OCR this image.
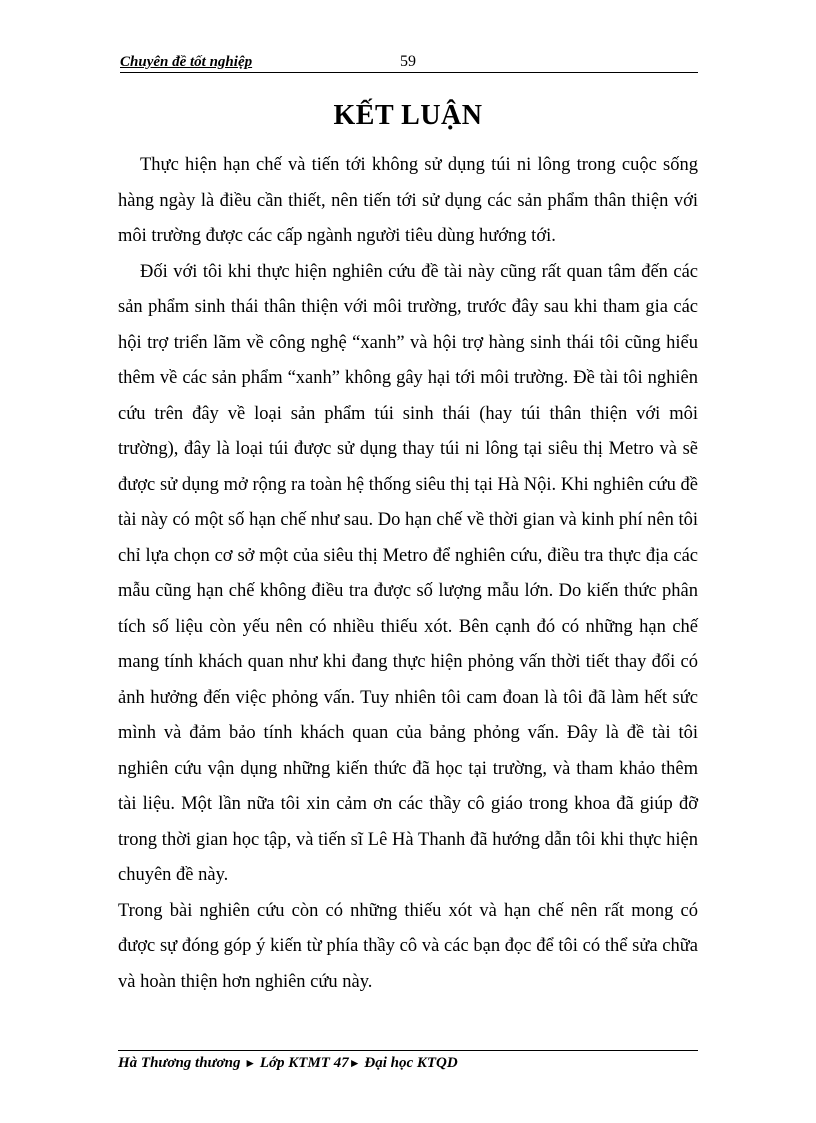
Chuyên đề tốt nghiệp	59
KẾT LUẬN

Thực hiện hạn chế và tiến tới không sử dụng túi ni lông trong cuộc sống hàng ngày là điều cần thiết, nên tiến tới sử dụng các sản phẩm thân thiện với môi trường được các cấp ngành người tiêu dùng hướng tới.

Đối với tôi khi thực hiện nghiên cứu đề tài này cũng rất quan tâm đến các sản phẩm sinh thái thân thiện với môi trường, trước đây sau khi tham gia các hội trợ triển lãm về công nghệ “xanh” và hội trợ hàng sinh thái tôi cũng hiểu thêm về các sản phẩm “xanh” không gây hại tới môi trường. Đề tài tôi nghiên cứu trên đây về loại sản phẩm túi sinh thái (hay túi thân thiện với môi trường), đây là loại túi được sử dụng thay túi ni lông tại siêu thị Metro và sẽ được sử dụng mở rộng ra toàn hệ thống siêu thị tại Hà Nội. Khi nghiên cứu đề tài này có một số hạn chế như sau. Do hạn chế về thời gian và kinh phí nên tôi chỉ lựa chọn cơ sở một của siêu thị Metro để nghiên cứu, điều tra thực địa các mẫu cũng hạn chế không điều tra được số lượng mẫu lớn. Do kiến thức phân tích số liệu còn yếu nên có nhiều thiếu xót. Bên cạnh đó có những hạn chế mang tính khách quan như khi đang thực hiện phỏng vấn thời tiết thay đổi có ảnh hưởng đến việc phỏng vấn. Tuy nhiên tôi cam đoan là tôi đã làm hết sức mình và đảm bảo tính khách quan của bảng phỏng vấn. Đây là đề tài tôi nghiên cứu vận dụng những kiến thức đã học tại trường, và tham khảo thêm tài liệu. Một lần nữa tôi xin cảm ơn các thầy cô giáo trong khoa đã giúp đỡ trong thời gian học tập, và tiến sĩ Lê Hà Thanh đã hướng dẫn tôi khi thực hiện chuyên đề này.

Trong bài nghiên cứu còn có những thiếu xót và hạn chế nên rất mong có được sự đóng góp ý kiến từ phía thầy cô và các bạn đọc để tôi có thể sửa chữa và hoàn thiện hơn nghiên cứu này.

Hà Thương thương ► Lớp KTMT 47► Đại học KTQD
